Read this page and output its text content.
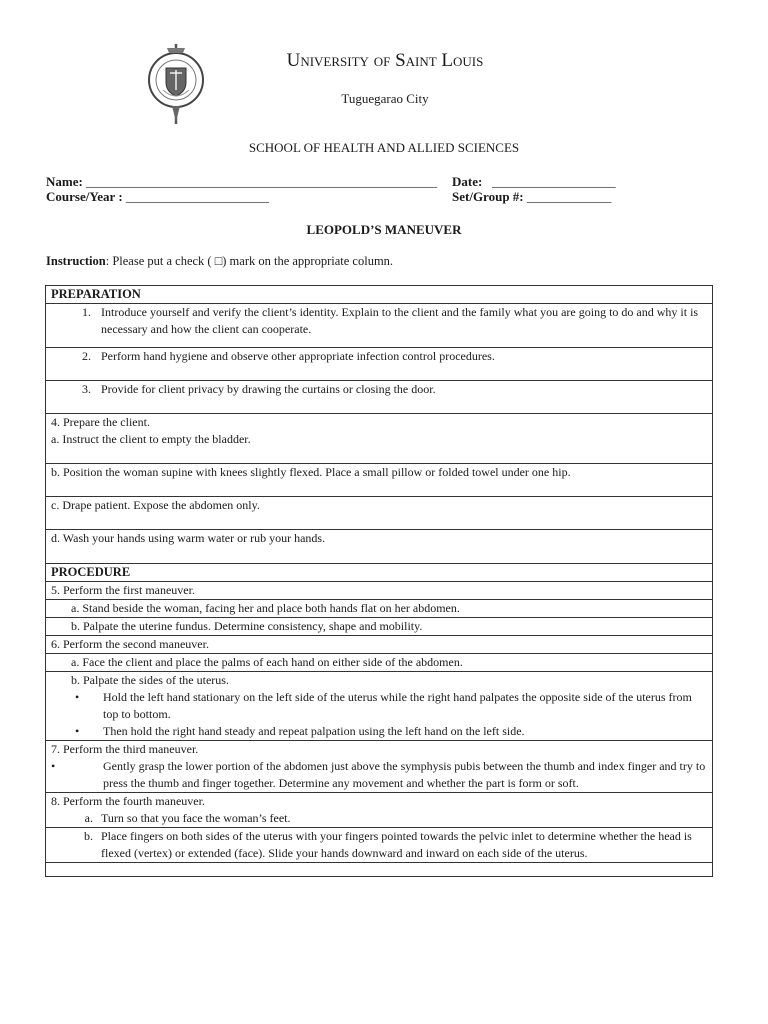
University of Saint Louis
Tuguegarao City
SCHOOL OF HEALTH AND ALLIED SCIENCES
Name: ______________________________________________________ Date: ___________________
Course/Year : ______________________	Set/Group #: _____________
LEOPOLD’S MANEUVER
Instruction: Please put a check ( □) mark on the appropriate column.
PREPARATION

1. Introduce yourself and verify the client’s identity. Explain to the client and the family what you are going to do and why it is necessary and how the client can cooperate.

2. Perform hand hygiene and observe other appropriate infection control procedures.

3. Provide for client privacy by drawing the curtains or closing the door.

4. Prepare the client.
a. Instruct the client to empty the bladder.

b. Position the woman supine with knees slightly flexed. Place a small pillow or folded towel under one hip.
c. Drape patient. Expose the abdomen only.
d. Wash your hands using warm water or rub your hands.
PROCEDURE
5. Perform the first maneuver.

a. Stand beside the woman, facing her and place both hands flat on her abdomen.

b. Palpate the uterine fundus. Determine consistency, shape and mobility.

6. Perform the second maneuver.

a. Face the client and place the palms of each hand on either side of the abdomen.

b. Palpate the sides of the uterus.
•	Hold the left hand stationary on the left side of the uterus while the right hand palpates the opposite side of the uterus from top to bottom.
•	Then hold the right hand steady and repeat palpation using the left hand on the left side.

7. Perform the third maneuver.
•	Gently grasp the lower portion of the abdomen just above the symphysis pubis between the thumb and index finger and try to press the thumb and finger together. Determine any movement and whether the part is form or soft.

8. Perform the fourth maneuver.
a. Turn so that you face the woman’s feet.

b. Place fingers on both sides of the uterus with your fingers pointed towards the pelvic inlet to determine whether the head is flexed (vertex) or extended (face). Slide your hands downward and inward on each side of the uterus.
